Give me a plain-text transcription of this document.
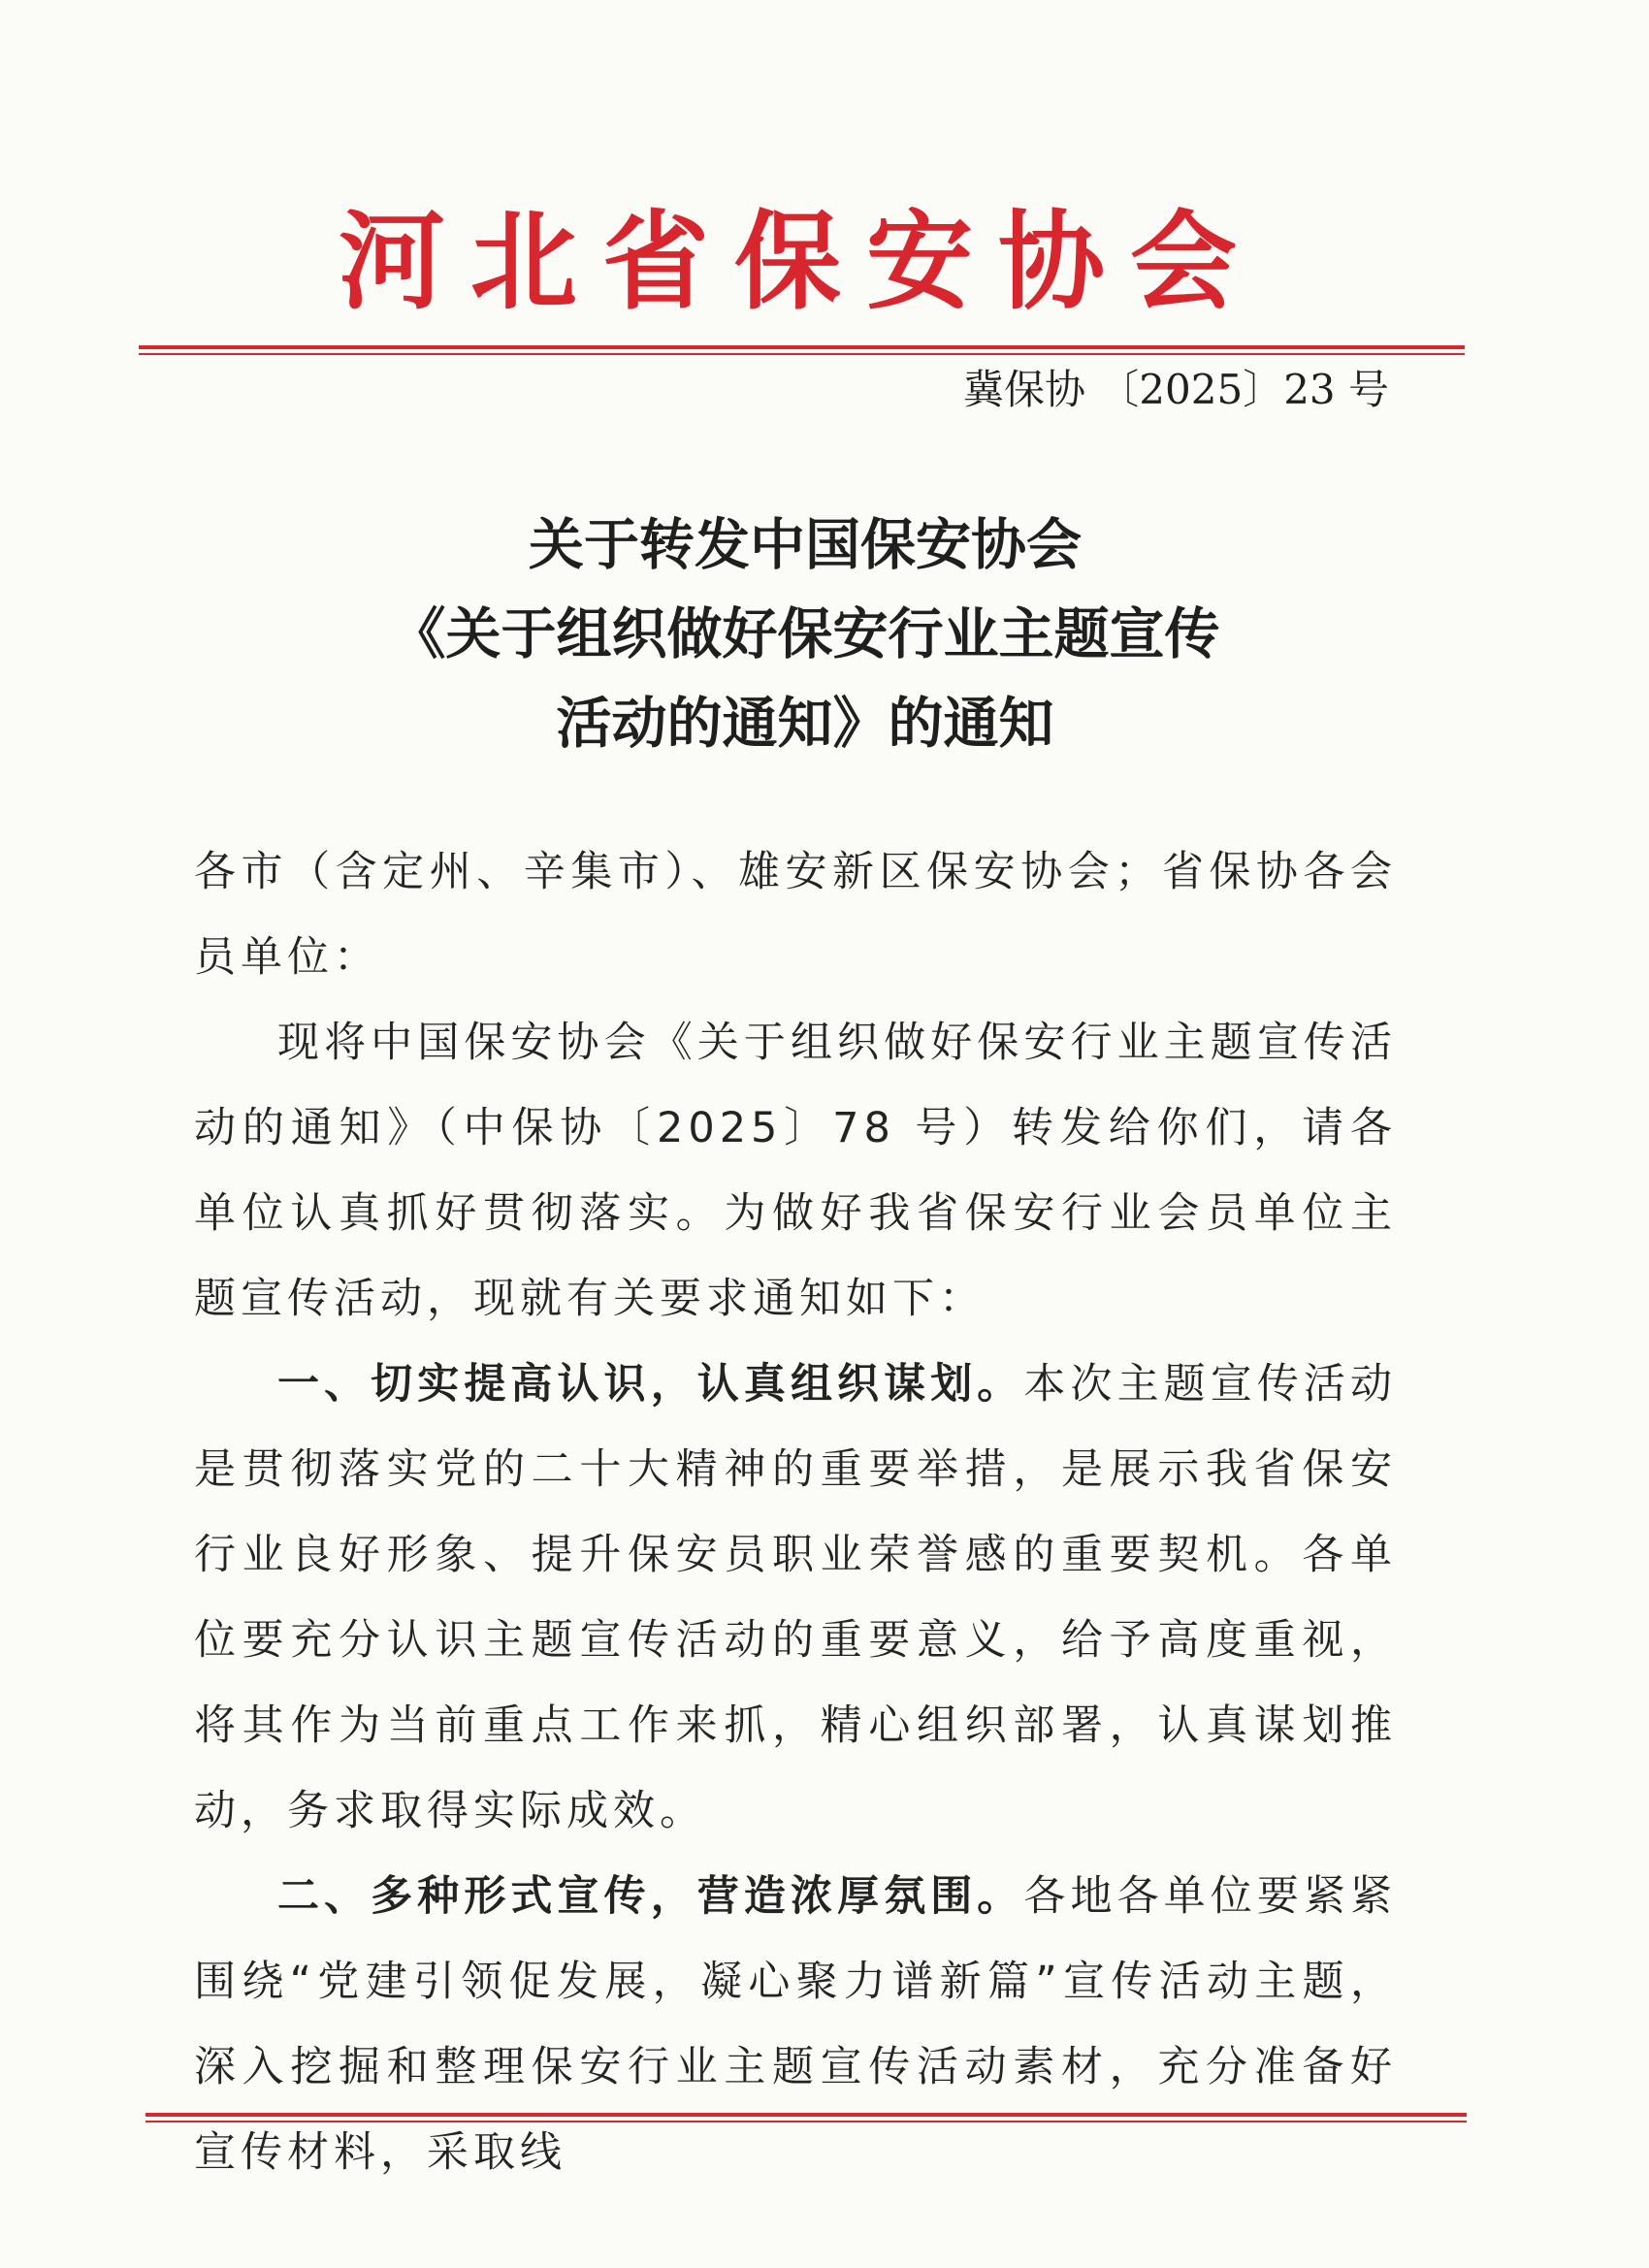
河北省保安协会
冀保协 〔2025〕23 号
关于转发中国保安协会
《关于组织做好保安行业主题宣传
活动的通知》的通知

各市（含定州、辛集市）、雄安新区保安协会；省保协各会员单位：

现将中国保安协会《关于组织做好保安行业主题宣传活动的通知》（中保协〔2025〕78 号）转发给你们，请各单位认真抓好贯彻落实。为做好我省保安行业会员单位主题宣传活动，现就有关要求通知如下：

一、切实提高认识，认真组织谋划。本次主题宣传活动是贯彻落实党的二十大精神的重要举措，是展示我省保安行业良好形象、提升保安员职业荣誉感的重要契机。各单位要充分认识主题宣传活动的重要意义，给予高度重视，将其作为当前重点工作来抓，精心组织部署，认真谋划推动，务求取得实际成效。

二、多种形式宣传，营造浓厚氛围。各地各单位要紧紧围绕“党建引领促发展，凝心聚力谱新篇”宣传活动主题，深入挖掘和整理保安行业主题宣传活动素材，充分准备好宣传材料，采取线
